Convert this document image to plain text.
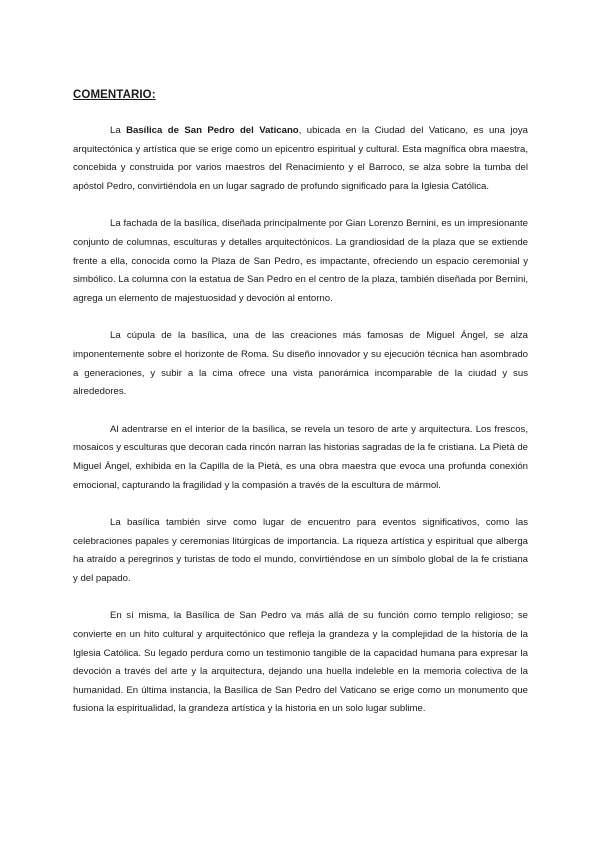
COMENTARIO:

La Basílica de San Pedro del Vaticano, ubicada en la Ciudad del Vaticano, es una joya arquitectónica y artística que se erige como un epicentro espiritual y cultural. Esta magnífica obra maestra, concebida y construida por varios maestros del Renacimiento y el Barroco, se alza sobre la tumba del apóstol Pedro, convirtiéndola en un lugar sagrado de profundo significado para la Iglesia Católica.

La fachada de la basílica, diseñada principalmente por Gian Lorenzo Bernini, es un impresionante conjunto de columnas, esculturas y detalles arquitectónicos. La grandiosidad de la plaza que se extiende frente a ella, conocida como la Plaza de San Pedro, es impactante, ofreciendo un espacio ceremonial y simbólico. La columna con la estatua de San Pedro en el centro de la plaza, también diseñada por Bernini, agrega un elemento de majestuosidad y devoción al entorno.

La cúpula de la basílica, una de las creaciones más famosas de Miguel Ángel, se alza imponentemente sobre el horizonte de Roma. Su diseño innovador y su ejecución técnica han asombrado a generaciones, y subir a la cima ofrece una vista panorámica incomparable de la ciudad y sus alrededores.

Al adentrarse en el interior de la basílica, se revela un tesoro de arte y arquitectura. Los frescos, mosaicos y esculturas que decoran cada rincón narran las historias sagradas de la fe cristiana. La Pietà de Miguel Ángel, exhibida en la Capilla de la Pietà, es una obra maestra que evoca una profunda conexión emocional, capturando la fragilidad y la compasión a través de la escultura de mármol.

La basílica también sirve como lugar de encuentro para eventos significativos, como las celebraciones papales y ceremonias litúrgicas de importancia. La riqueza artística y espiritual que alberga ha atraído a peregrinos y turistas de todo el mundo, convirtiéndose en un símbolo global de la fe cristiana y del papado.

En sí misma, la Basílica de San Pedro va más allá de su función como templo religioso; se convierte en un hito cultural y arquitectónico que refleja la grandeza y la complejidad de la historia de la Iglesia Católica. Su legado perdura como un testimonio tangible de la capacidad humana para expresar la devoción a través del arte y la arquitectura, dejando una huella indeleble en la memoria colectiva de la humanidad. En última instancia, la Basílica de San Pedro del Vaticano se erige como un monumento que fusiona la espiritualidad, la grandeza artística y la historia en un solo lugar sublime.
